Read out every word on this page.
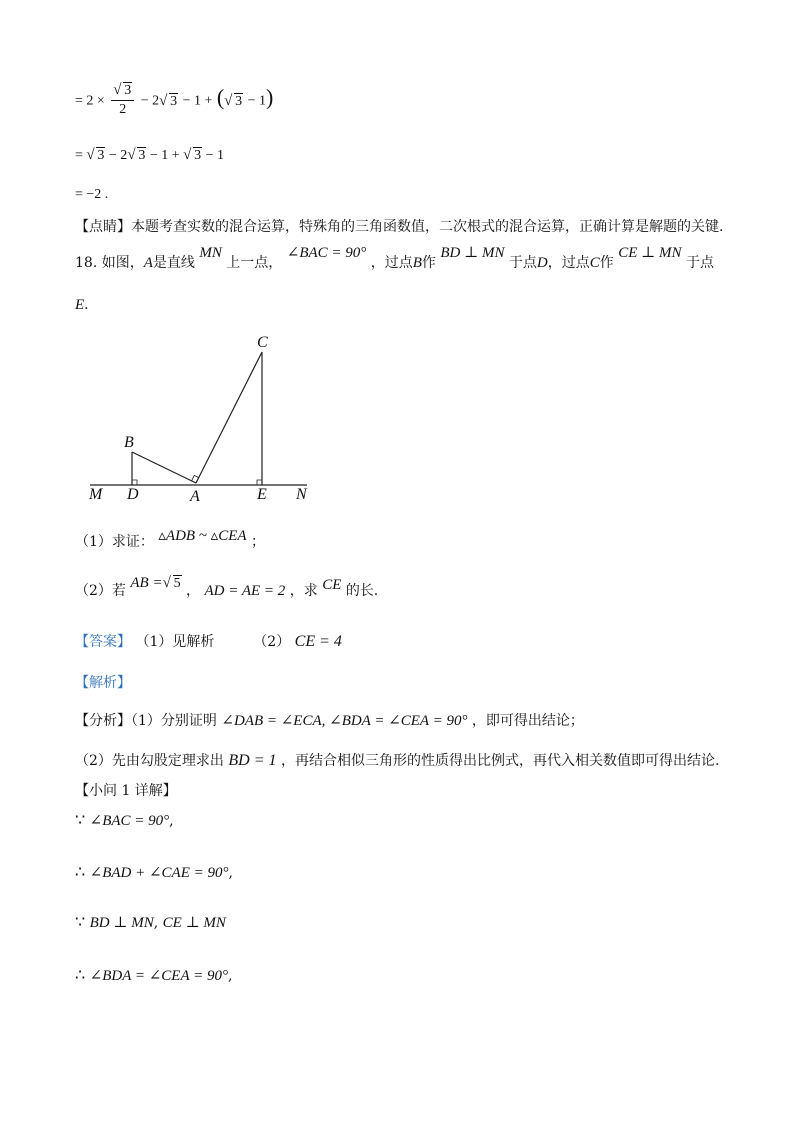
= $2 \times \frac{√ 3}{2} - 2$ √ 3 − 1 + ( √ 3 − 1)
= √ 3 − 2 √ 3 − 1 + √ 3 − 1
= −2 .
【点睛】本题考查实数的混合运算，特殊角的三角函数值，二次根式的混合运算，正确计算是解题的关键.
18. 如图，A是直线 MN 上一点， ∠BAC = 90° ，过点B作 BD ⊥ MN 于点D，过点C作 CE ⊥ MN 于点
E.
C
B
M D	A	E N
（1）求证： ▵ADB ~ ▵CEA ；
（2）若 AB = √ 5 ， AD = AE = 2 ，求 CE 的长.
【答案】 （1）见解析	（2） CE = 4
【解析】
【分析】（1）分别证明 ∠DAB = ∠ECA, ∠BDA = ∠CEA = 90° ，即可得出结论；
（2）先由勾股定理求出 BD = 1 ，再结合相似三角形的性质得出比例式，再代入相关数值即可得出结论.
【小问 1 详解】
∵ ∠BAC = 90°,
∴ ∠BAD + ∠CAE = 90°,
∵ BD ⊥ MN, CE ⊥ MN
∴ ∠BDA = ∠CEA = 90°,
